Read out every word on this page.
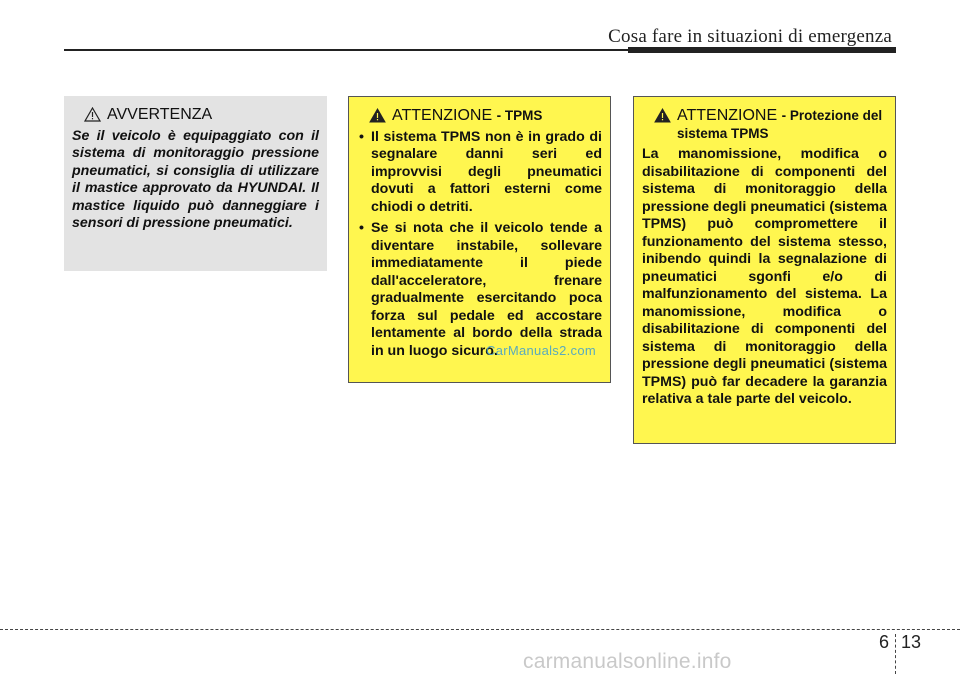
Cosa fare in situazioni di emergenza
AVVERTENZA

Se il veicolo è equipaggiato con il sistema di monitoraggio pressione pneumatici, si consiglia di utilizzare il mastice approvato da HYUNDAI. Il mastice liquido può danneggiare i sensori di pressione pneumatici.

ATTENZIONE - TPMS
• Il sistema TPMS non è in grado di segnalare danni seri ed improvvisi degli pneumatici dovuti a fattori esterni come chiodi o detriti.
• Se si nota che il veicolo tende a diventare instabile, sollevare immediatamente il piede dall'acceleratore, frenare gradualmente esercitando poca forza sul pedale ed accostare lentamente al bordo della strada in un luogo sicuro.
ATTENZIONE - Protezione del sistema TPMS

La manomissione, modifica o disabilitazione di componenti del sistema di monitoraggio della pressione degli pneumatici (sistema TPMS) può compromettere il funzionamento del sistema stesso, inibendo quindi la segnalazione di pneumatici sgonfi e/o di malfunzionamento del sistema. La manomissione, modifica o disabilitazione di componenti del sistema di monitoraggio della pressione degli pneumatici (sistema TPMS) può far decadere la garanzia relativa a tale parte del veicolo.

CarManuals2.com
6 13
carmanualsonline.info
